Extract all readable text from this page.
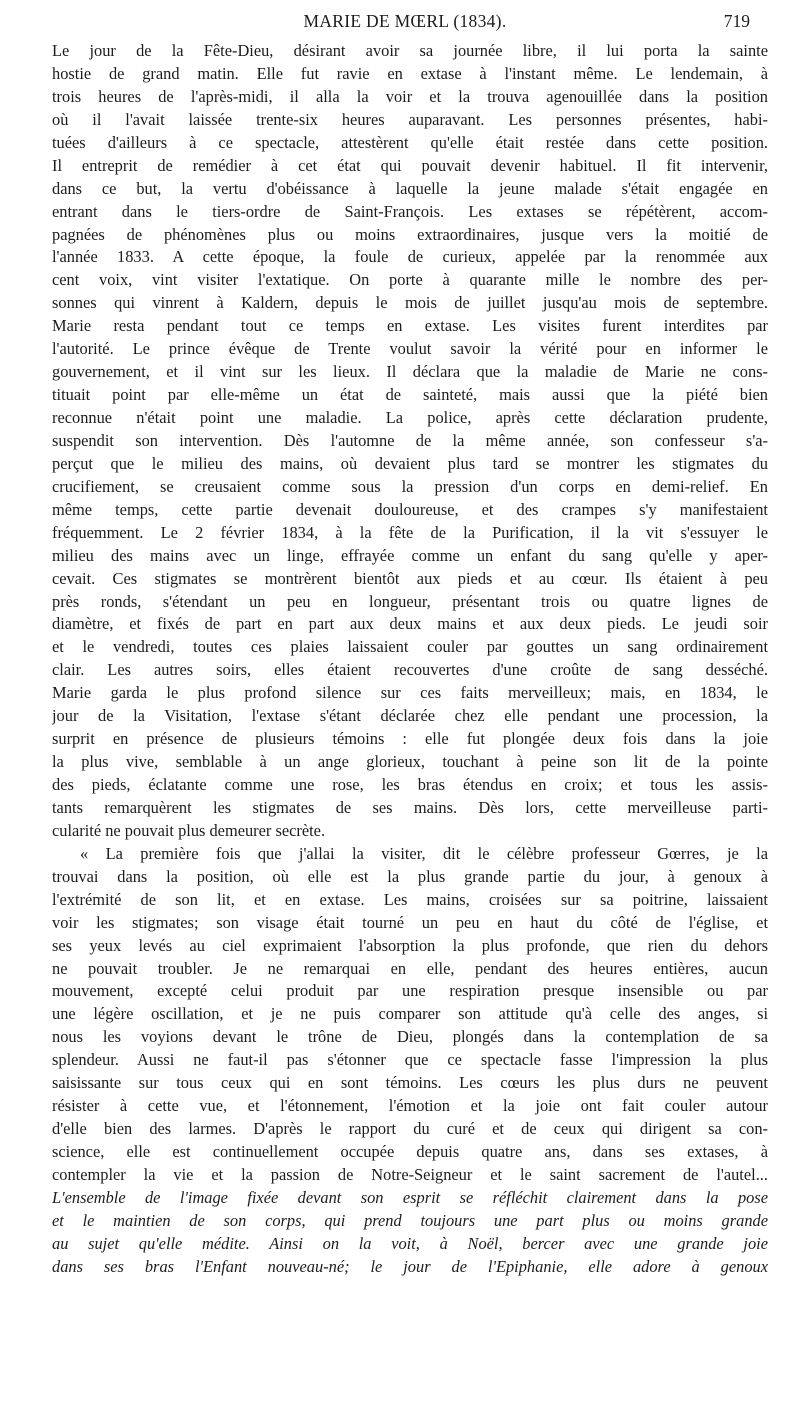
MARIE DE MŒRL (1834).	719
Le jour de la Fête-Dieu, désirant avoir sa journée libre, il lui porta la sainte
hostie de grand matin. Elle fut ravie en extase à l'instant même. Le lendemain, à
trois heures de l'après-midi, il alla la voir et la trouva agenouillée dans la position
où il l'avait laissée trente-six heures auparavant. Les personnes présentes, habi-
tuées d'ailleurs à ce spectacle, attestèrent qu'elle était restée dans cette position.
Il entreprit de remédier à cet état qui pouvait devenir habituel. Il fit intervenir,
dans ce but, la vertu d'obéissance à laquelle la jeune malade s'était engagée en
entrant dans le tiers-ordre de Saint-François. Les extases se répétèrent, accom-
pagnées de phénomènes plus ou moins extraordinaires, jusque vers la moitié de
l'année 1833. A cette époque, la foule de curieux, appelée par la renommée aux
cent voix, vint visiter l'extatique. On porte à quarante mille le nombre des per-
sonnes qui vinrent à Kaldern, depuis le mois de juillet jusqu'au mois de septembre.
Marie resta pendant tout ce temps en extase. Les visites furent interdites par
l'autorité. Le prince évêque de Trente voulut savoir la vérité pour en informer le
gouvernement, et il vint sur les lieux. Il déclara que la maladie de Marie ne cons-
tituait point par elle-même un état de sainteté, mais aussi que la piété bien
reconnue n'était point une maladie. La police, après cette déclaration prudente,
suspendit son intervention. Dès l'automne de la même année, son confesseur s'a-
perçut que le milieu des mains, où devaient plus tard se montrer les stigmates du
crucifiement, se creusaient comme sous la pression d'un corps en demi-relief. En
même temps, cette partie devenait douloureuse, et des crampes s'y manifestaient
fréquemment. Le 2 février 1834, à la fête de la Purification, il la vit s'essuyer le
milieu des mains avec un linge, effrayée comme un enfant du sang qu'elle y aper-
cevait. Ces stigmates se montrèrent bientôt aux pieds et au cœur. Ils étaient à peu
près ronds, s'étendant un peu en longueur, présentant trois ou quatre lignes de
diamètre, et fixés de part en part aux deux mains et aux deux pieds. Le jeudi soir
et le vendredi, toutes ces plaies laissaient couler par gouttes un sang ordinairement
clair. Les autres soirs, elles étaient recouvertes d'une croûte de sang desséché.
Marie garda le plus profond silence sur ces faits merveilleux; mais, en 1834, le
jour de la Visitation, l'extase s'étant déclarée chez elle pendant une procession, la
surprit en présence de plusieurs témoins : elle fut plongée deux fois dans la joie
la plus vive, semblable à un ange glorieux, touchant à peine son lit de la pointe
des pieds, éclatante comme une rose, les bras étendus en croix; et tous les assis-
tants remarquèrent les stigmates de ses mains. Dès lors, cette merveilleuse parti-
cularité ne pouvait plus demeurer secrète.
« La première fois que j'allai la visiter, dit le célèbre professeur Gœrres, je la
trouvai dans la position, où elle est la plus grande partie du jour, à genoux à
l'extrémité de son lit, et en extase. Les mains, croisées sur sa poitrine, laissaient
voir les stigmates; son visage était tourné un peu en haut du côté de l'église, et
ses yeux levés au ciel exprimaient l'absorption la plus profonde, que rien du dehors
ne pouvait troubler. Je ne remarquai en elle, pendant des heures entières, aucun
mouvement, excepté celui produit par une respiration presque insensible ou par
une légère oscillation, et je ne puis comparer son attitude qu'à celle des anges, si
nous les voyions devant le trône de Dieu, plongés dans la contemplation de sa
splendeur. Aussi ne faut-il pas s'étonner que ce spectacle fasse l'impression la plus
saisissante sur tous ceux qui en sont témoins. Les cœurs les plus durs ne peuvent
résister à cette vue, et l'étonnement, l'émotion et la joie ont fait couler autour
d'elle bien des larmes. D'après le rapport du curé et de ceux qui dirigent sa con-
science, elle est continuellement occupée depuis quatre ans, dans ses extases, à
contempler la vie et la passion de Notre-Seigneur et le saint sacrement de l'autel...
L'ensemble de l'image fixée devant son esprit se réfléchit clairement dans la pose
et le maintien de son corps, qui prend toujours une part plus ou moins grande
au sujet qu'elle médite. Ainsi on la voit, à Noël, bercer avec une grande joie
dans ses bras l'Enfant nouveau-né; le jour de l'Epiphanie, elle adore à genoux
